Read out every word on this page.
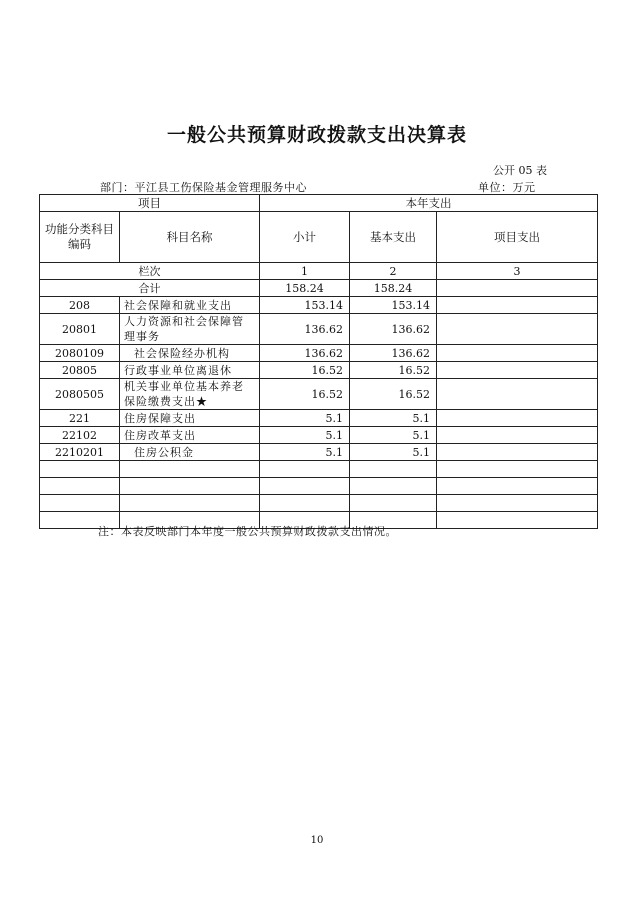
一般公共预算财政拨款支出决算表
公开 05 表
部门：平江县工伤保险基金管理服务中心	单位：万元
项目		本年支出		
功能分类科目编码	科目名称	小计	基本支出	项目支出
栏次		1	2	3
合计		158.24	158.24	
208	社会保障和就业支出	153.14	153.14	
20801	人力资源和社会保障管理事务	136.62	136.62	
2080109	社会保险经办机构	136.62	136.62	
20805	行政事业单位离退休	16.52	16.52	
2080505	机关事业单位基本养老保险缴费支出★	16.52	16.52	
221	住房保障支出	5.1	5.1	
22102	住房改革支出	5.1	5.1	
2210201	住房公积金	5.1	5.1	

注：本表反映部门本年度一般公共预算财政拨款支出情况。
10
